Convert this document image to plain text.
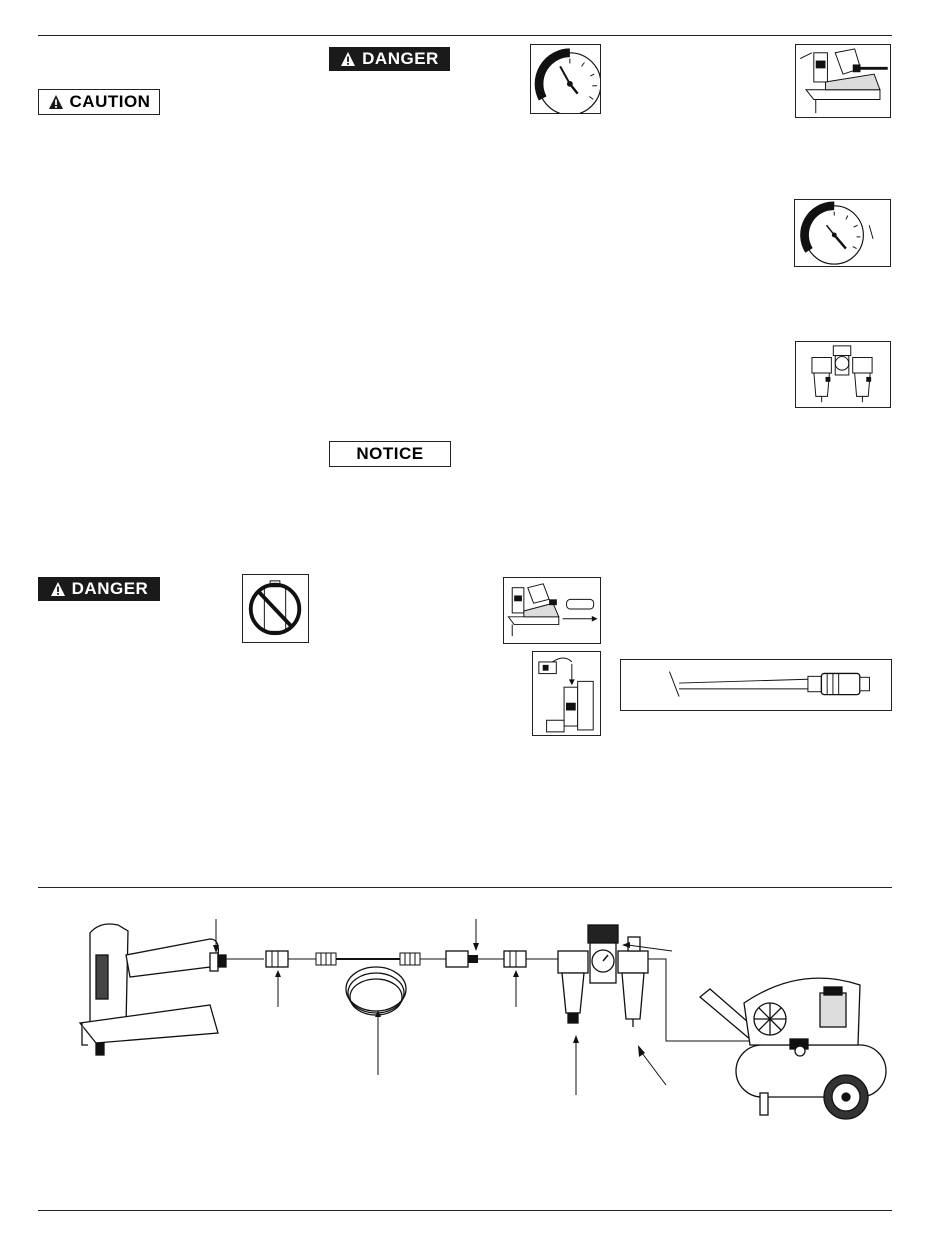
DANGER
CAUTION
NOTICE
DANGER
